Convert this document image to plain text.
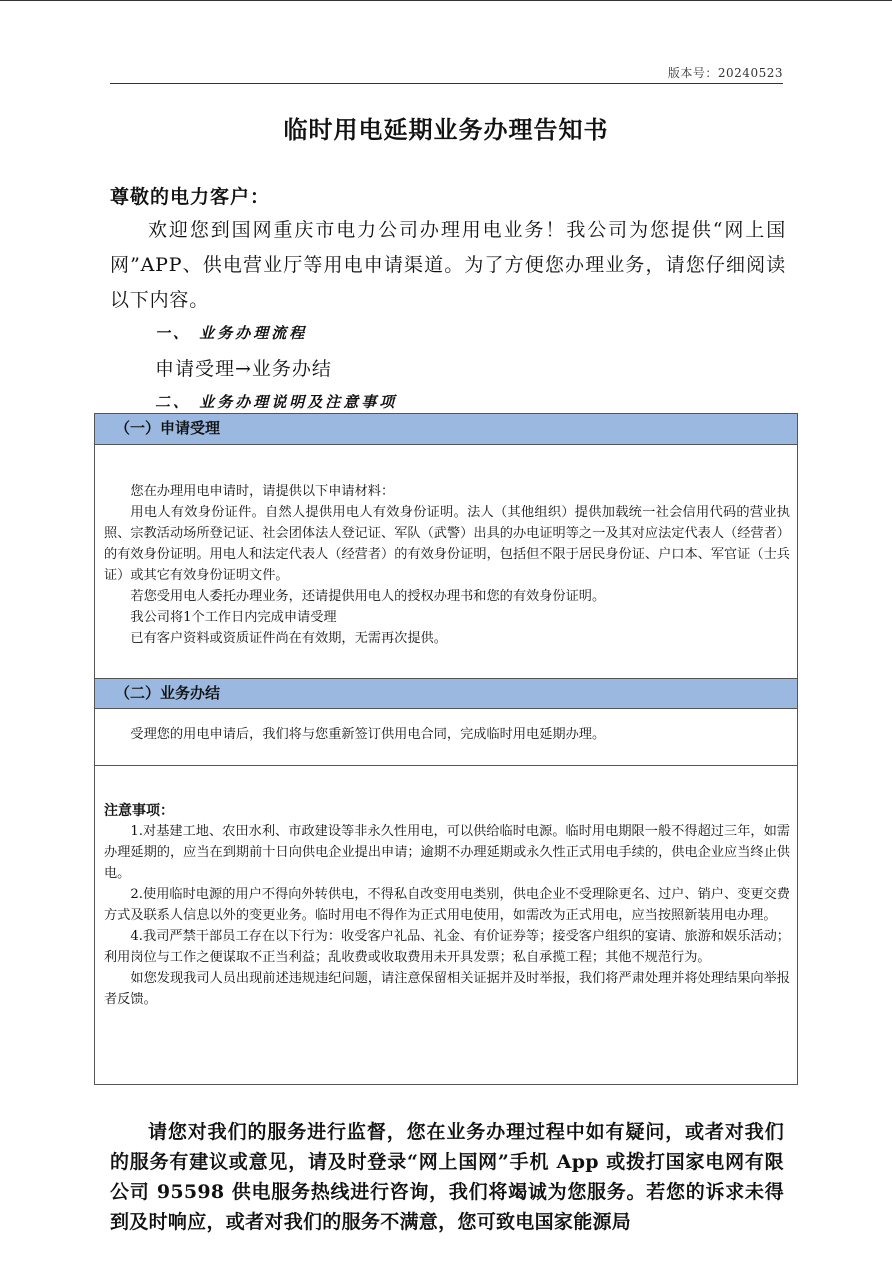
版本号：20240523
临时用电延期业务办理告知书
尊敬的电力客户：

欢迎您到国网重庆市电力公司办理用电业务！我公司为您提供“网上国网”APP、供电营业厅等用电申请渠道。为了方便您办理业务，请您仔细阅读以下内容。

一、 业务办理流程
申请受理→业务办结
二、 业务办理说明及注意事项
（一）申请受理

您在办理用电申请时，请提供以下申请材料：

用电人有效身份证件。自然人提供用电人有效身份证明。法人（其他组织）提供加载统一社会信用代码的营业执照、宗教活动场所登记证、社会团体法人登记证、军队（武警）出具的办电证明等之一及其对应法定代表人（经营者）的有效身份证明。用电人和法定代表人（经营者）的有效身份证明，包括但不限于居民身份证、户口本、军官证（士兵证）或其它有效身份证明文件。

若您受用电人委托办理业务，还请提供用电人的授权办理书和您的有效身份证明。

我公司将1个工作日内完成申请受理

已有客户资料或资质证件尚在有效期，无需再次提供。

（二）业务办结

受理您的用电申请后，我们将与您重新签订供用电合同，完成临时用电延期办理。

注意事项：

1.对基建工地、农田水利、市政建设等非永久性用电，可以供给临时电源。临时用电期限一般不得超过三年，如需办理延期的，应当在到期前十日向供电企业提出申请；逾期不办理延期或永久性正式用电手续的，供电企业应当终止供电。

2.使用临时电源的用户不得向外转供电，不得私自改变用电类别，供电企业不受理除更名、过户、销户、变更交费方式及联系人信息以外的变更业务。临时用电不得作为正式用电使用，如需改为正式用电，应当按照新装用电办理。

4.我司严禁干部员工存在以下行为：收受客户礼品、礼金、有价证券等；接受客户组织的宴请、旅游和娱乐活动；利用岗位与工作之便谋取不正当利益；乱收费或收取费用未开具发票；私自承揽工程；其他不规范行为。

如您发现我司人员出现前述违规违纪问题，请注意保留相关证据并及时举报，我们将严肃处理并将处理结果向举报者反馈。

请您对我们的服务进行监督，您在业务办理过程中如有疑问，或者对我们的服务有建议或意见，请及时登录“网上国网”手机 App 或拨打国家电网有限公司 95598 供电服务热线进行咨询，我们将竭诚为您服务。若您的诉求未得到及时响应，或者对我们的服务不满意，您可致电国家能源局
